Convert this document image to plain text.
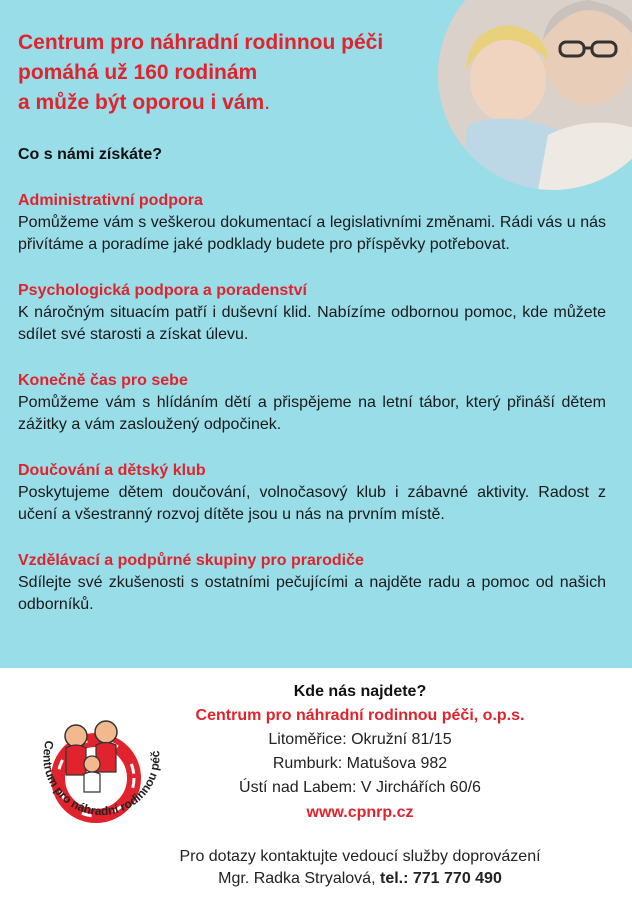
Centrum pro náhradní rodinnou péči
pomáhá už 160 rodinám
a může být oporou i vám.
Co s námi získáte?
Administrativní podpora
Pomůžeme vám s veškerou dokumentací a legislativními změnami. Rádi vás u nás přivítáme a poradíme jaké podklady budete pro příspěvky potřebovat.
Psychologická podpora a poradenství
K náročným situacím patří i duševní klid. Nabízíme odbornou pomoc, kde můžete sdílet své starosti a získat úlevu.
Konečně čas pro sebe
Pomůžeme vám s hlídáním dětí a přispějeme na letní tábor, který přináší dětem zážitky a vám zasloužený odpočinek.
Doučování a dětský klub
Poskytujeme dětem doučování, volnočasový klub i zábavné aktivity. Radost z učení a všestranný rozvoj dítěte jsou u nás na prvním místě.
Vzdělávací a podpůrné skupiny pro prarodiče
Sdílejte své zkušenosti s ostatními pečujícími a najděte radu a pomoc od našich odborníků.
Centrum pro náhradní rodinnou péč
Kde nás najdete?
Centrum pro náhradní rodinnou péči, o.p.s.
Litoměřice: Okružní 81/15
Rumburk: Matušova 982
Ústí nad Labem: V Jirchářích 60/6
www.cpnrp.cz
Pro dotazy kontaktujte vedoucí služby doprovázení
Mgr. Radka Stryalová, tel.: 771 770 490
